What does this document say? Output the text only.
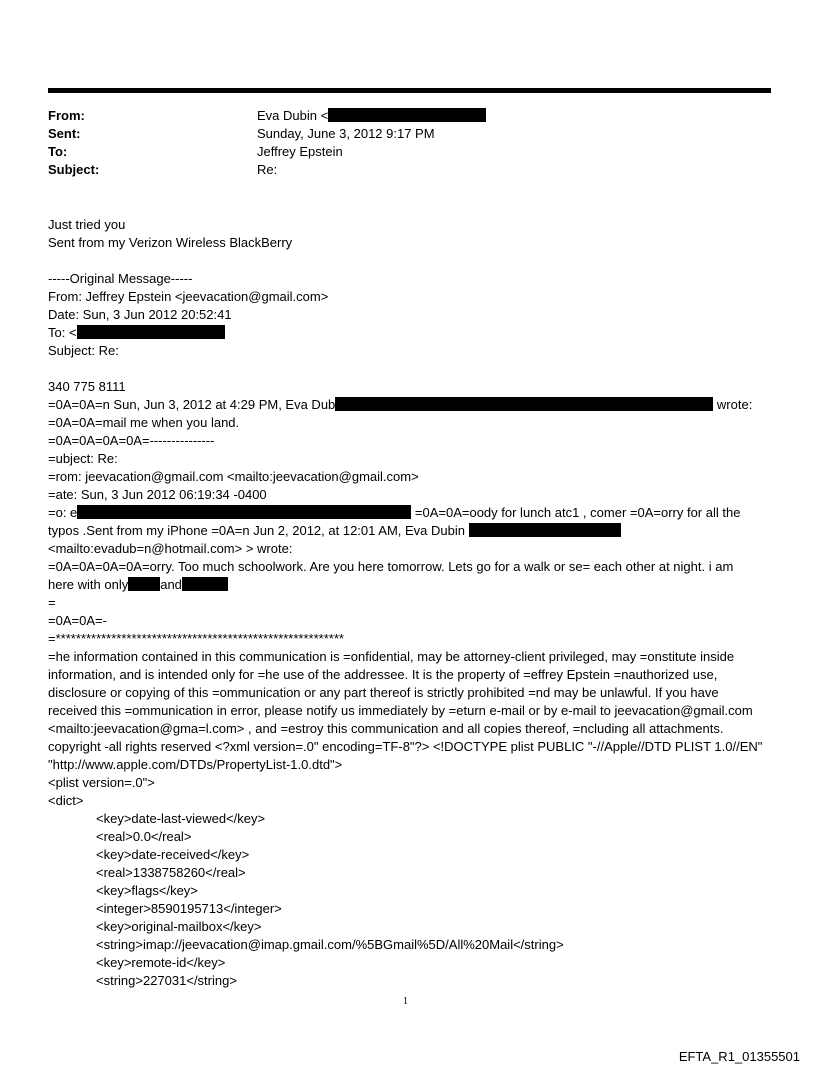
From:	Eva Dubin <
Sent:	Sunday, June 3, 2012 9:17 PM
To:	Jeffrey Epstein
Subject:	Re:
Just tried you
Sent from my Verizon Wireless BlackBerry
-----Original Message-----
From: Jeffrey Epstein <jeevacation@gmail.com>
Date: Sun, 3 Jun 2012 20:52:41
To: <
Subject: Re:
340 775 8111
=0A=0A=n Sun, Jun 3, 2012 at 4:29 PM, Eva Dub	wrote:
=0A=0A=mail me when you land.
=0A=0A=0A=0A=---------------
=ubject: Re:
=rom: jeevacation@gmail.com <mailto:jeevacation@gmail.com>
=ate: Sun, 3 Jun 2012 06:19:34 -0400
=o: e	=0A=0A=oody for lunch atc1 , comer =0A=orry for all the
typos .Sent from my iPhone =0A=n Jun 2, 2012, at 12:01 AM, Eva Dubin
<mailto:evadub=n@hotmail.com> > wrote:
=0A=0A=0A=0A=orry. Too much schoolwork. Are you here tomorrow. Lets go for a walk or se= each other at night. i am
here with only and
=
=0A=0A=-
=*********************************************************
=he information contained in this communication is =onfidential, may be attorney-client privileged, may =onstitute inside information, and is intended only for =he use of the addressee. It is the property of =effrey Epstein =nauthorized use, disclosure or copying of this =ommunication or any part thereof is strictly prohibited =nd may be unlawful. If you have received this =ommunication in error, please notify us immediately by =eturn e-mail or by e-mail to jeevacation@gmail.com <mailto:jeevacation@gma=l.com> , and =estroy this communication and all copies thereof, =ncluding all attachments. copyright -all rights reserved <?xml version=.0" encoding=TF-8"?> <!DOCTYPE plist PUBLIC "-//Apple//DTD PLIST 1.0//EN" "http://www.apple.com/DTDs/PropertyList-1.0.dtd">
<plist version=.0">
<dict>
<key>date-last-viewed</key>
<real>0.0</real>
<key>date-received</key>
<real>1338758260</real>
<key>flags</key>
<integer>8590195713</integer>
<key>original-mailbox</key>
<string>imap://jeevacation@imap.gmail.com/%5BGmail%5D/All%20Mail</string>
<key>remote-id</key>
<string>227031</string>
1
EFTA_R1_01355501
